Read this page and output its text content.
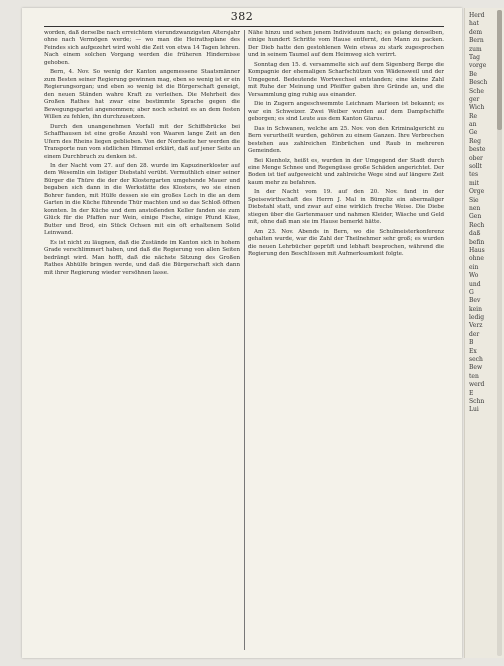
382

worden, daß derselbe nach erreichtem vierundzwanzigsten Altersjahr ohne nach Vermögen werde; — wo man die Heirathsplane des Feindes sich aufgezehrt wird wohl die Zeit von etwa 14 Tagen lehren. Nach einem solchen Vorgang werden die früheren Hindernisse gehoben.

Bern, 4. Nov. So wenig der Kanton angemessene Staatsmänner zum Besten seiner Regierung gewinnen mag, eben so wenig ist er ein Regierungsorgan; und eben so wenig ist die Bürgerschaft geneigt, den neuen Ständen wahre Kraft zu verleihen. Die Mehrheit des Großen Rathes hat zwar eine bestimmte Sprache gegen die Bewegungspartei angenommen; aber noch scheint es an dem festen Willen zu fehlen, ihn durchzusetzen.

Durch den unangenehmen Vorfall mit der Schiffsbrücke bei Schaffhausen ist eine große Anzahl von Waaren lange Zeit an den Ufern des Rheins liegen geblieben. Von der Nordseite her werden die Transporte nun vom südlichen Himmel erklärt, daß auf jener Seite an einem Durchbruch zu denken ist.

In der Nacht vom 27. auf den 28. wurde im Kapuzinerkloster auf dem Wesemlin ein listiger Diebstahl verübt. Vermuthlich einer seiner Bürger die Thüre die der der Klostergarten umgehende Mauer und begaben sich dann in die Werkstätte des Klosters, wo sie einen Bohrer fanden, mit Hülfe dessen sie ein großes Loch in die an dem Garten in die Küche führende Thür machten und so das Schloß öffnen konnten. In der Küche und dem anstoßenden Keller fanden sie zum Glück für die Pfaffen nur Wein, einige Fische, einige Pfund Käse, Butter und Brod, ein Stück Ochsen mit ein oft erhaltenem Solid Leinwand.

Es ist nicht zu läugnen, daß die Zustände im Kanton sich in hohem Grade verschlimmert haben, und daß die Regierung von allen Seiten bedrängt wird. Man hofft, daß die nächste Sitzung des Großen Rathes Abhülfe bringen werde, und daß die Bürgerschaft sich dann mit ihrer Regierung wieder versöhnen lasse.

Nähe hinzu und sehen jenem Individuum nach; es gelang denselben, einige hundert Schritte vom Hause entfernt, den Mann zu packen. Der Dieb hatte den gestohlenen Wein etwas zu stark zugesprochen und in seinem Taumel auf dem Heimweg sich verirrt.

Sonntag den 15. d. versammelte sich auf dem Sigenberg Berge die Kompagnie der ehemaligen Scharfschützen von Wädensweil und der Umgegend. Bedeutende Wortwechsel entstanden; eine kleine Zahl mit Ruhe der Meinung und Pfeiffer gaben ihre Gründe an, und die Versammlung ging ruhig aus einander.

Die in Zugern angeschwemmte Leichnam Marieen ist bekannt; es war ein Schweizer. Zwei Weiber wurden auf dem Dampfschiffe geborgen; es sind Leute aus dem Kanton Glarus.

Das in Schwanen, welche am 25. Nov. von den Kriminalgericht zu Bern verurtheilt wurden, gehören zu einem Ganzen. Ihre Verbrechen bestehen aus zahlreichen Einbrüchen und Raub in mehreren Gemeinden.

Bei Kienholz, heißt es, wurden in der Umgegend der Stadt durch eine Menge Schnee und Regengüsse große Schäden angerichtet. Der Boden ist tief aufgeweicht und zahlreiche Wege sind auf längere Zeit kaum mehr zu befahren.

In der Nacht vom 19. auf den 20. Nov. fand in der Speisewirthschaft des Herrn J. Mal in Bümpliz ein abermaliger Diebstahl statt, und zwar auf eine wirklich freche Weise. Die Diebe stiegen über die Gartenmauer und nahmen Kleider, Wäsche und Geld mit, ohne daß man sie im Hause bemerkt hätte.

Am 23. Nov. Abends in Bern, wo die Schulmeisterkonferenz gehalten wurde, war die Zahl der Theilnehmer sehr groß; es wurden die neuen Lehrbücher geprüft und lebhaft besprochen, während die Regierung den Beschlüssen mit Aufmerksamkeit folgte.

Herd
hat
dem
Bern
zum
Tag
vorge
Be
Besch
Sche
ger
Wich
Re
an
Ge
Reg
beste
ober
sollt
tes
mit
Orge
Sie
nen
Gen
Rech
daß
befin
Haus
ohne
ein
Wo
und
G
Bev
kein
ledig
Verz
der
B
Ex
sech
Bew
ten
werd
E
Schn
Lui
